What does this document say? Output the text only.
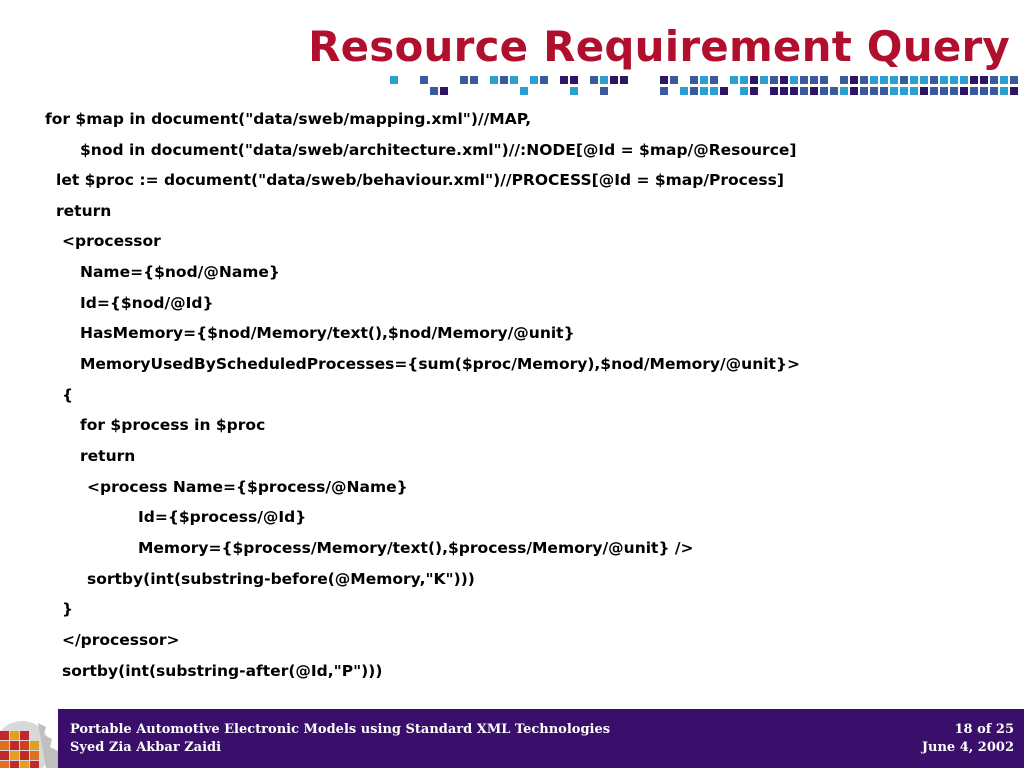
Resource Requirement Query
for $map in document("data/sweb/mapping.xml")//MAP,
$nod in document("data/sweb/architecture.xml")//:NODE[@Id = $map/@Resource]
let $proc := document("data/sweb/behaviour.xml")//PROCESS[@Id = $map/Process]
return
<processor
Name={$nod/@Name}
Id={$nod/@Id}
HasMemory={$nod/Memory/text(),$nod/Memory/@unit}
MemoryUsedByScheduledProcesses={sum($proc/Memory),$nod/Memory/@unit}>
{
for $process in $proc
return
<process Name={$process/@Name}
Id={$process/@Id}
Memory={$process/Memory/text(),$process/Memory/@unit} />
sortby(int(substring-before(@Memory,"K")))
}
</processor>
sortby(int(substring-after(@Id,"P")))
Portable Automotive Electronic Models using Standard XML Technologies
Syed Zia Akbar Zaidi
18 of 25
June 4, 2002
